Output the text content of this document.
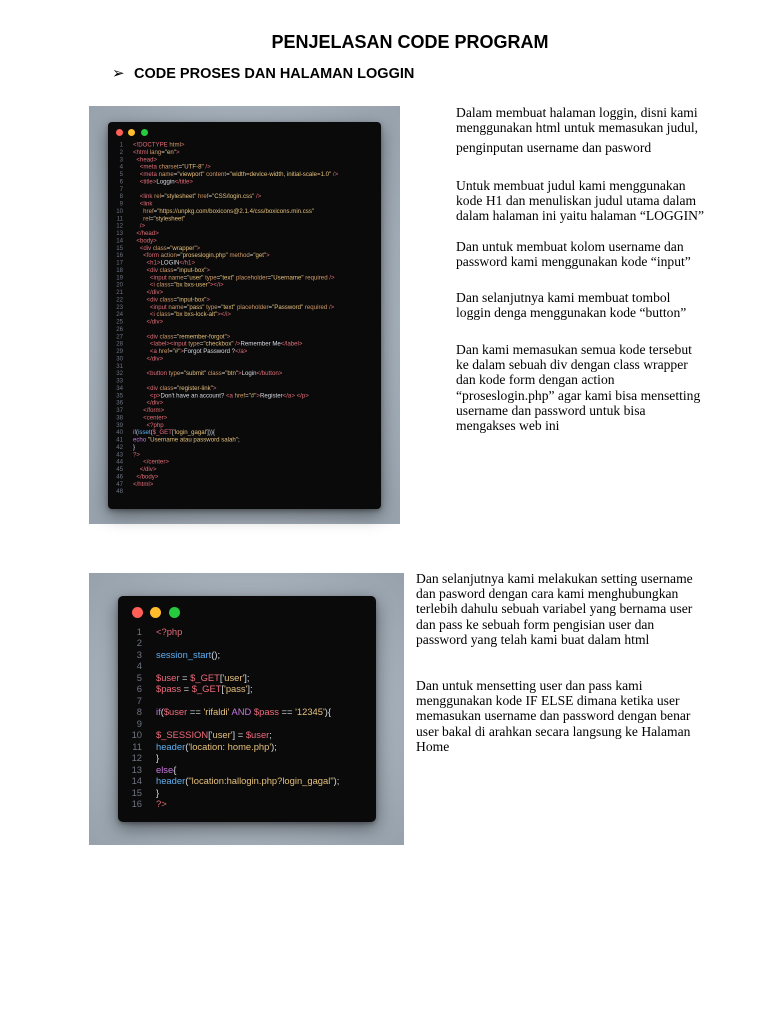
PENJELASAN CODE PROGRAM
➢ CODE PROSES DAN HALAMAN LOGGIN
1 <!DOCTYPE html>
2 <html lang="en">
3  <head>
4    <meta charset="UTF-8" />
5    <meta name="viewport" content="width=device-width, initial-scale=1.0" />
6    <title>Loggin</title>
7
8    <link rel="stylesheet" href="CSS/login.css" />
9    <link
10      href="https://unpkg.com/boxicons@2.1.4/css/boxicons.min.css"
11      rel="stylesheet"
12    />
13  </head>
14  <body>
15    <div class="wrapper">
16      <form action="proseslogin.php" method="get">
17        <h1>LOGIN</h1>
18        <div class="input-box">
19          <input name="user" type="text" placeholder="Username" required />
20          <i class="bx bxs-user"></i>
21        </div>
22        <div class="input-box">
23          <input name="pass" type="text" placeholder="Password" required />
24          <i class="bx bxs-lock-alt"></i>
25        </div>
26
27        <div class="remember-forgot">
28          <label><input type="checkbox" />Remember Me</label>
29          <a href="#">Forgot Password ?</a>
30        </div>
31
32        <button type="submit" class="btn">Login</button>
33
34        <div class="register-link">
35          <p>Don't have an account? <a href="#">Register</a> </p>
36        </div>
37      </form>
38      <center>
39        <?php
40 if(isset($_GET['login_gagal'])){
41 echo "Username atau password salah";
42 }
43 ?>
44      </center>
45    </div>
46  </body>
47 </html>
48
Dalam membuat halaman loggin, disni kami
menggunakan html untuk memasukan judul,
penginputan username dan pasword
Untuk membuat judul kami menggunakan
kode H1 dan menuliskan judul utama dalam
dalam halaman ini yaitu halaman “LOGGIN”
Dan untuk membuat kolom username dan
password kami menggunakan kode “input”
Dan selanjutnya kami membuat tombol
loggin denga menggunakan kode “button”
Dan kami memasukan semua kode tersebut
ke dalam sebuah div dengan class wrapper
dan kode form dengan action
“proseslogin.php” agar kami bisa mensetting
username dan password untuk bisa
mengakses web ini
1 <?php
2
3 session_start();
4
5 $user = $_GET['user'];
6 $pass = $_GET['pass'];
7
8 if($user == 'rifaldi' AND $pass == '12345'){
9
10 $_SESSION['user'] = $user;
11 header('location: home.php');
12 }
13 else{
14 header("location:hallogin.php?login_gagal");
15 }
16 ?>
Dan selanjutnya kami melakukan setting username
dan pasword dengan cara kami menghubungkan
terlebih dahulu sebuah variabel yang bernama user
dan pass ke sebuah form pengisian user dan
password yang telah kami buat dalam html
Dan untuk mensetting user dan pass kami
menggunakan kode IF ELSE dimana ketika user
memasukan username dan password dengan benar
user bakal di arahkan secara langsung ke Halaman
Home
